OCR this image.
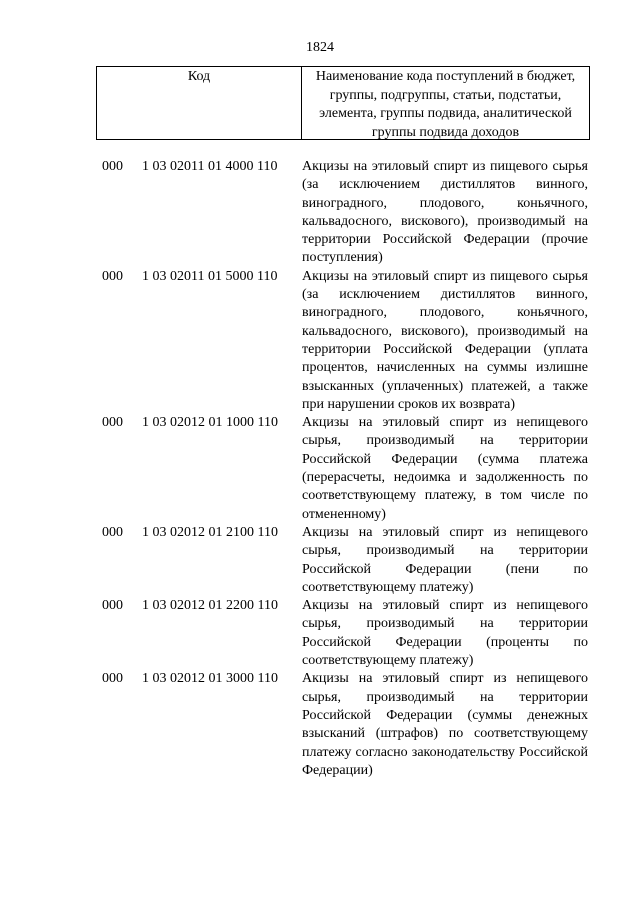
1824
Код	Наименование кода поступлений в бюджет, группы, подгруппы, статьи, подстатьи, элемента, группы подвида, аналитической группы подвида доходов
000 1 03 02011 01 4000 110 Акцизы на этиловый спирт из пищевого сырья (за исключением дистиллятов винного, виноградного, плодового, коньячного, кальвадосного, вискового), производимый на территории Российской Федерации (прочие поступления)
000 1 03 02011 01 5000 110 Акцизы на этиловый спирт из пищевого сырья (за исключением дистиллятов винного, виноградного, плодового, коньячного, кальвадосного, вискового), производимый на территории Российской Федерации (уплата процентов, начисленных на суммы излишне взысканных (уплаченных) платежей, а также при нарушении сроков их возврата)
000 1 03 02012 01 1000 110 Акцизы на этиловый спирт из непищевого сырья, производимый на территории Российской Федерации (сумма платежа (перерасчеты, недоимка и задолженность по соответствующему платежу, в том числе по отмененному)
000 1 03 02012 01 2100 110 Акцизы на этиловый спирт из непищевого сырья, производимый на территории Российской Федерации (пени по соответствующему платежу)
000 1 03 02012 01 2200 110 Акцизы на этиловый спирт из непищевого сырья, производимый на территории Российской Федерации (проценты по соответствующему платежу)
000 1 03 02012 01 3000 110 Акцизы на этиловый спирт из непищевого сырья, производимый на территории Российской Федерации (суммы денежных взысканий (штрафов) по соответствующему платежу согласно законодательству Российской Федерации)
